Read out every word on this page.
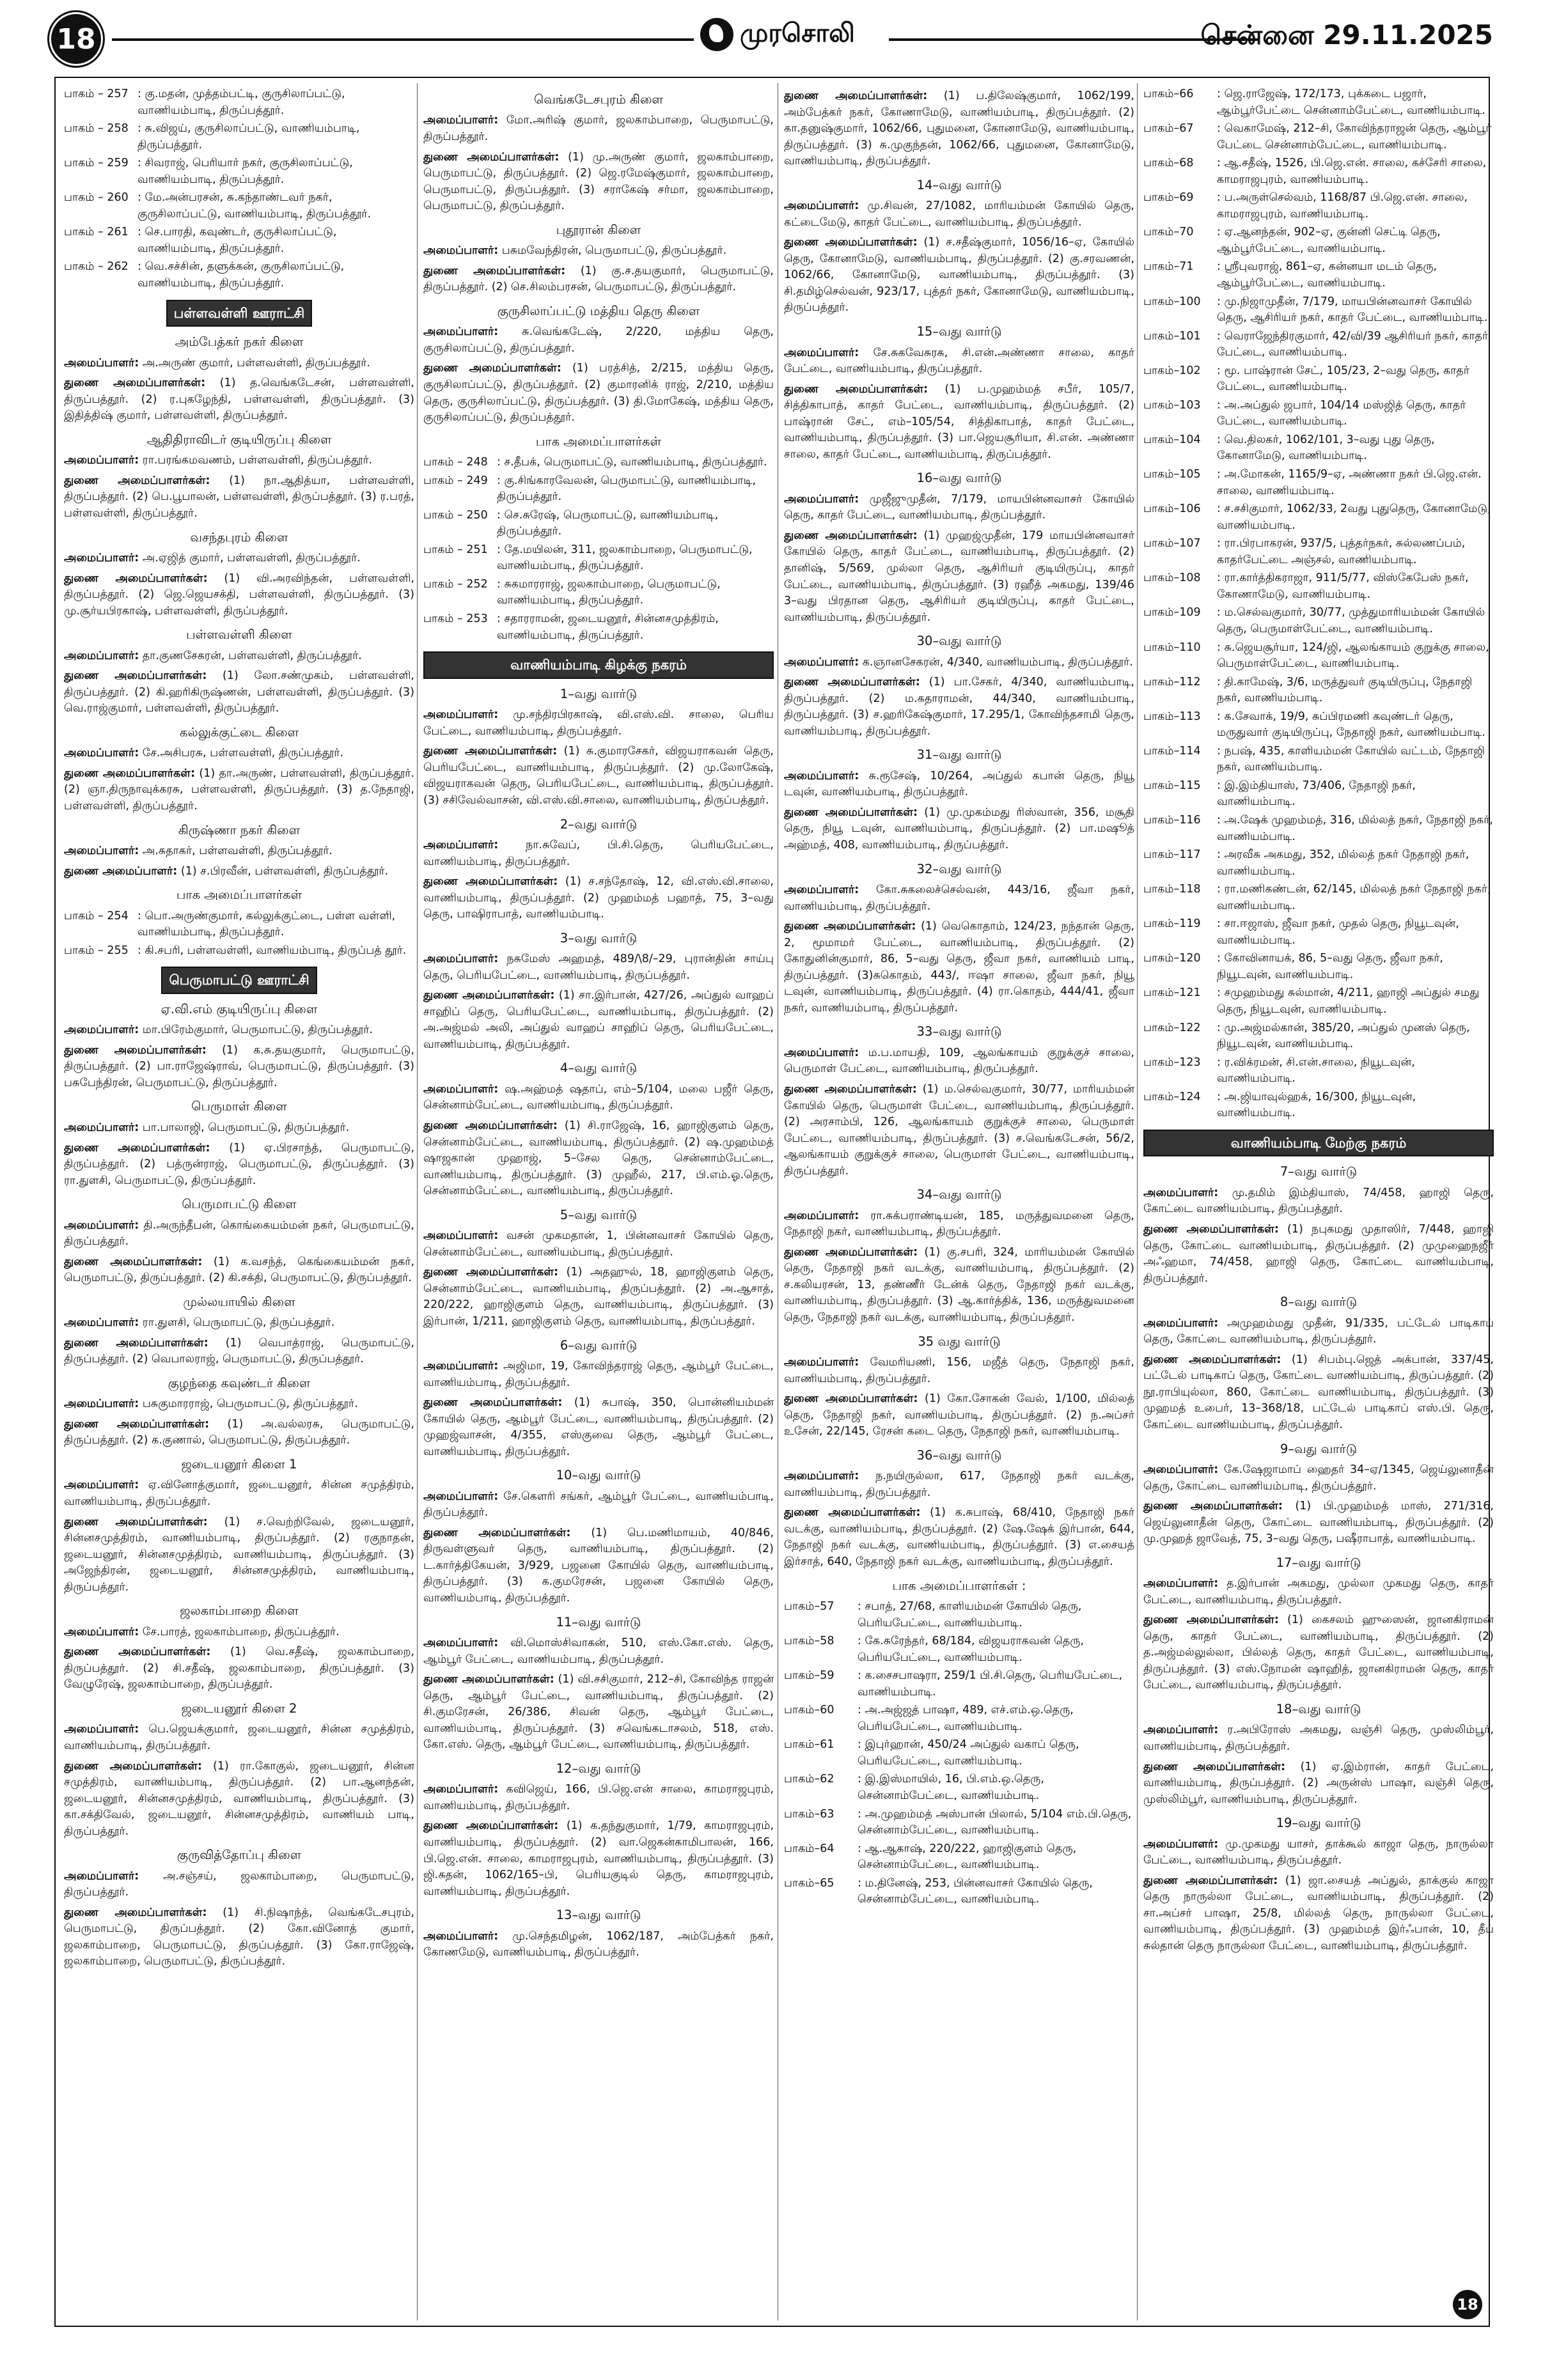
18	முரசொலி	சென்னை 29.11.2025
பாகம் – 257 : கு.மதன், முத்தம்பட்டி, குருசிலாப்பட்டு, வாணியம்பாடி, திருப்பத்தூர்.
பாகம் – 258 : சு.விஜய், குருசிலாப்பட்டு, வாணியம்பாடி, திருப்பத்தூர்.
பாகம் – 259 : சிவராஜ், பெரியார் நகர், குருசிலாப்பட்டு, வாணியம்பாடி, திருப்பத்தூர்.
பாகம் – 260 : மே.அன்பரசன், சு.கந்தாண்டவர் நகர், குருசிலாப்பட்டு, வாணியம்பாடி, திருப்பத்தூர்.
பாகம் – 261 : செ.பாரதி, கவுண்டர், குருசிலாப்பட்டு, வாணியம்பாடி, திருப்பத்தூர்.
பாகம் – 262 : வெ.சச்சின், தளுக்கன், குருசிலாப்பட்டு, வாணியம்பாடி, திருப்பத்தூர்.
பள்ளவள்ளி ஊராட்சி
அம்பேத்கர் நகர் கிளை
அமைப்பாளர்: அ.அருண் குமார், பள்ளவள்ளி, திருப்பத்தூர்.
துணை அமைப்பாளர்கள்: (1) த.வெங்கடேசன், பள்ளவள்ளி, திருப்பத்தூர். (2) ர.புகழேந்தி, பள்ளவள்ளி, திருப்பத்தூர். (3) இதித்திஷ் குமார், பள்ளவள்ளி, திருப்பத்தூர்.
ஆதிதிராவிடர் குடியிருப்பு கிளை
அமைப்பாளர்: ரா.பரங்கமவணம், பள்ளவள்ளி, திருப்பத்தூர்.
துணை அமைப்பாளர்கள்: (1) நா.ஆதித்யா, பள்ளவள்ளி, திருப்பத்தூர். (2) பெ.பூபாலன், பள்ளவள்ளி, திருப்பத்தூர். (3) ர.பரத், பள்ளவள்ளி, திருப்பத்தூர்.
வசந்தபுரம் கிளை
அமைப்பாளர்: அ.ஏஜித் குமார், பள்ளவள்ளி, திருப்பத்தூர்.
துணை அமைப்பாளர்கள்: (1) வி.அரவிந்தன், பள்ளவள்ளி, திருப்பத்தூர். (2) ஜெ.ஜெயசக்தி, பள்ளவள்ளி, திருப்பத்தூர். (3) மு.சூர்யபிரகாஷ், பள்ளவள்ளி, திருப்பத்தூர்.
பள்ளவள்ளி கிளை
அமைப்பாளர்: தா.குணசேகரன், பள்ளவள்ளி, திருப்பத்தூர்.
துணை அமைப்பாளர்கள்: (1) லோ.சண்முகம், பள்ளவள்ளி, திருப்பத்தூர். (2) கி.ஹரிகிருஷ்ணன், பள்ளவள்ளி, திருப்பத்தூர். (3) வெ.ராஜ்குமார், பள்ளவள்ளி, திருப்பத்தூர்.
கல்லுக்குட்டை கிளை
அமைப்பாளர்: சே.அசிபரசு, பள்ளவள்ளி, திருப்பத்தூர்.
துணை அமைப்பாளர்கள்: (1) தா.அருண், பள்ளவள்ளி, திருப்பத்தூர். (2) ஞா.திருநாவுக்கரசு, பள்ளவள்ளி, திருப்பத்தூர். (3) த.நேதாஜி, பள்ளவள்ளி, திருப்பத்தூர்.
கிருஷ்ணா நகர் கிளை
அமைப்பாளர்: அ.சுதாகர், பள்ளவள்ளி, திருப்பத்தூர்.
துணை அமைப்பாளர்: (1) ச.பிரவீன், பள்ளவள்ளி, திருப்பத்தூர்.
பாக அமைப்பாளர்கள்
பாகம் – 254 : பொ.அருண்குமார், கல்லுக்குட்டை, பள்ள வள்ளி, வாணியம்பாடி, திருப்பத்தூர்.
பாகம் – 255 : கி.சபரி, பள்ளவள்ளி, வாணியம்பாடி, திருப்பத் தூர்.
பெருமாபட்டு ஊராட்சி
ஏ.வி.எம் குடியிருப்பு கிளை
அமைப்பாளர்: மா.பிரேம்குமார், பெருமாபட்டு, திருப்பத்தூர்.
துணை அமைப்பாளர்கள்: (1) க.சு.தயகுமார், பெருமாபட்டு, திருப்பத்தூர். (2) பா.ராஜேஷ்ராவ், பெருமாபட்டு, திருப்பத்தூர். (3) பசுபேந்திரன், பெருமாபட்டு, திருப்பத்தூர்.
பெருமாள் கிளை
அமைப்பாளர்: பா.பாலாஜி, பெருமாபட்டு, திருப்பத்தூர்.
துணை அமைப்பாளர்கள்: (1) ஏ.பிரசாந்த், பெருமாபட்டு, திருப்பத்தூர். (2) பத்ருன்ராஜ், பெருமாபட்டு, திருப்பத்தூர். (3) ரா.துளசி, பெருமாபட்டு, திருப்பத்தூர்.
பெருமாபட்டு கிளை
அமைப்பாளர்: தி.அருந்தீபன், கொங்கையம்மன் நகர், பெருமாபட்டு, திருப்பத்தூர்.
துணை அமைப்பாளர்கள்: (1) க.வசந்த், கெங்கையம்மன் நகர், பெருமாபட்டு, திருப்பத்தூர். (2) கி.சக்தி, பெருமாபட்டு, திருப்பத்தூர்.
முல்லயாயில் கிளை
அமைப்பாளர்: ரா.துளசி, பெருமாபட்டு, திருப்பத்தூர்.
துணை அமைப்பாளர்கள்: (1) வெபாத்ராஜ், பெருமாபட்டு, திருப்பத்தூர். (2) வெபாலராஜ், பெருமாபட்டு, திருப்பத்தூர்.
குழந்தை கவுண்டர் கிளை
அமைப்பாளர்: பசுகுமாரராஜ், பெருமாபட்டு, திருப்பத்தூர்.
துணை அமைப்பாளர்கள்: (1) அ.வல்லரசு, பெருமாபட்டு, திருப்பத்தூர். (2) க.குணால், பெருமாபட்டு, திருப்பத்தூர்.
ஜடையனூர் கிளை 1
அமைப்பாளர்: ஏ.வினோத்குமார், ஜடையனூர், சின்ன சமுத்திரம், வாணியம்பாடி, திருப்பத்தூர்.
துணை அமைப்பாளர்கள்: (1) ச.வெற்றிவேல், ஜடையனூர், சின்னசமுத்திரம், வாணியம்பாடி, திருப்பத்தூர். (2) ரகுநாதன், ஜடையனூர், சின்னசமுத்திரம், வாணியம்பாடி, திருப்பத்தூர். (3) அஜேந்திரன், ஜடையனூர், சின்னசமுத்திரம், வாணியம்பாடி, திருப்பத்தூர்.
ஜலகாம்பாறை கிளை
அமைப்பாளர்: சே.பாரத், ஜலகாம்பாறை, திருப்பத்தூர்.
துணை அமைப்பாளர்கள்: (1) வெ.சதீஷ், ஜலகாம்பாறை, திருப்பத்தூர். (2) சி.சதீஷ், ஜலகாம்பாறை, திருப்பத்தூர். (3) வேழுரேஷ், ஜலகாம்பாறை, திருப்பத்தூர்.
ஜடையனூர் கிளை 2
அமைப்பாளர்: பெ.ஜெயக்குமார், ஜடையனூர், சின்ன சமுத்திரம், வாணியம்பாடி, திருப்பத்தூர்.
துணை அமைப்பாளர்கள்: (1) ரா.கோகுல், ஜடையனூர், சின்ன சமுத்திரம், வாணியம்பாடி, திருப்பத்தூர். (2) பா.ஆனந்தன், ஜடையனூர், சின்னசமுத்திரம், வாணியம்பாடி, திருப்பத்தூர். (3) கா.சக்திவேல், ஜடையனூர், சின்னசமுத்திரம், வாணியம் பாடி, திருப்பத்தூர்.
குருவித்தோப்பு கிளை
அமைப்பாளர்: அ.சஞ்சய், ஜலகாம்பாறை, பெருமாபட்டு, திருப்பத்தூர்.
துணை அமைப்பாளர்கள்: (1) சி.நிஷாந்த், வெங்கடேசபுரம், பெருமாபட்டு, திருப்பத்தூர். (2) கோ.வினோத் குமார், ஜலகாம்பாறை, பெருமாபட்டு, திருப்பத்தூர். (3) கோ.ராஜேஷ், ஜலகாம்பாறை, பெருமாபட்டு, திருப்பத்தூர்.
வெங்கடேசபுரம் கிளை
அமைப்பாளர்: மோ.அரிஷ் குமார், ஜலகாம்பாறை, பெருமாபட்டு, திருப்பத்தூர்.
துணை அமைப்பாளர்கள்: (1) மு.அருண் குமார், ஜலகாம்பாறை, பெருமாபட்டு, திருப்பத்தூர். (2) ஜெ.ரமேஷ்குமார், ஜலகாம்பாறை, பெருமாபட்டு, திருப்பத்தூர். (3) சராகேஷ் சர்மா, ஜலகாம்பாறை, பெருமாபட்டு, திருப்பத்தூர்.
புதூரான் கிளை
அமைப்பாளர்: பசுமவேந்திரன், பெருமாபட்டு, திருப்பத்தூர்.
துணை அமைப்பாளர்கள்: (1) கு.ச.தயகுமார், பெருமாபட்டு, திருப்பத்தூர். (2) செ.சிலம்பரசன், பெருமாபட்டு, திருப்பத்தூர்.
குருசிலாப்பட்டு மத்திய தெரு கிளை
அமைப்பாளர்: சு.வெங்கடேஷ், 2/220, மத்திய தெரு, குருசிலாப்பட்டு, திருப்பத்தூர்.
துணை அமைப்பாளர்கள்: (1) பரத்சித், 2/215, மத்திய தெரு, குருசிலாப்பட்டு, திருப்பத்தூர். (2) குமாரனிக் ராஜ், 2/210, மத்திய தெரு, குருசிலாப்பட்டு, திருப்பத்தூர். (3) தி.மோகேஷ், மத்திய தெரு, குருசிலாப்பட்டு, திருப்பத்தூர்.
பாக அமைப்பாளர்கள்
பாகம் – 248 : ச.தீபக், பெருமாபட்டு, வாணியம்பாடி, திருப்பத்தூர்.
பாகம் – 249 : கு.சிங்காரவேலன், பெருமாபட்டு, வாணியம்பாடி, திருப்பத்தூர்.
பாகம் – 250 : செ.சுரேஷ், பெருமாபட்டு, வாணியம்பாடி, திருப்பத்தூர்.
பாகம் – 251 : தே.மயிலன், 311, ஜலகாம்பாறை, பெருமாபட்டு, வாணியம்பாடி, திருப்பத்தூர்.
பாகம் – 252 : சுகமாரராஜ், ஜலகாம்பாறை, பெருமாபட்டு, வாணியம்பாடி, திருப்பத்தூர்.
பாகம் – 253 : சதாரராமன், ஜடையனூர், சின்னசமுத்திரம், வாணியம்பாடி, திருப்பத்தூர்.
வாணியம்பாடி கிழக்கு நகரம்
1–வது வார்டு
அமைப்பாளர்: மு.சந்திரபிரகாஷ், வி.எஸ்.வி. சாலை, பெரிய பேட்டை, வாணியம்பாடி, திருப்பத்தூர்.
துணை அமைப்பாளர்கள்: (1) சு.குமாரசேகர், விஜயராகவன் தெரு, பெரியபேட்டை, வாணியம்பாடி, திருப்பத்தூர். (2) மு.லோகேஷ், விஜயராகவன் தெரு, பெரியபேட்டை, வாணியம்பாடி, திருப்பத்தூர். (3) சசிவேல்வாசன், வி.எஸ்.வி.சாலை, வாணியம்பாடி, திருப்பத்தூர்.
2–வது வார்டு
அமைப்பாளர்: நா.சுவேப், பி.சி.தெரு, பெரியபேட்டை, வாணியம்பாடி, திருப்பத்தூர்.
துணை அமைப்பாளர்கள்: (1) ச.சந்தோஷ், 12, வி.எஸ்.வி.சாலை, வாணியம்பாடி, திருப்பத்தூர். (2) முஹம்மத் பஹாத், 75, 3–வது தெரு, பாஷிராபாத், வாணியம்பாடி.
3–வது வார்டு
அமைப்பாளர்: நசுமேஸ் அஹமத், 489/\8/–29, புரான்தின் சாய்பு தெரு, பெரியபேட்டை, வாணியம்பாடி, திருப்பத்தூர்.
துணை அமைப்பாளர்கள்: (1) சா.இர்பான், 427/26, அப்துல் வாஹப் சாஹிப் தெரு, பெரியபேட்டை, வாணியம்பாடி, திருப்பத்தூர். (2) அ.அஜ்மல் அலி, அப்துல் வாஹப் சாஹிப் தெரு, பெரியபேட்டை, வாணியம்பாடி, திருப்பத்தூர்.
4–வது வார்டு
அமைப்பாளர்: ஷ.அஹ்மத் ஷதாப், எம்–5/104, மலை பஜீர் தெரு, சென்னாம்பேட்டை, வாணியம்பாடி, திருப்பத்தூர்.
துணை அமைப்பாளர்கள்: (1) சி.ராஜேஷ், 16, ஹாஜிகுளம் தெரு, சென்னாம்பேட்டை, வாணியம்பாடி, திருப்பத்தூர். (2) ஷ.முஹம்மத் ஷாஜகான் முஹாஜ், 5–சேல தெரு, சென்னாம்பேட்டை, வாணியம்பாடி, திருப்பத்தூர். (3) முஹீல், 217, பி.எம்.ஓ.தெரு, சென்னாம்பேட்டை, வாணியம்பாடி, திருப்பத்தூர்.
5–வது வார்டு
அமைப்பாளர்: வசன் முகமதான், 1, பின்னவாசர் கோயில் தெரு, சென்னாம்பேட்டை, வாணியம்பாடி, திருப்பத்தூர்.
துணை அமைப்பாளர்கள்: (1) அதஹுல், 18, ஹாஜிகுளம் தெரு, சென்னாம்பேட்டை, வாணியம்பாடி, திருப்பத்தூர். (2) அ.ஆசாத், 220/222, ஹாஜிகுளம் தெரு, வாணியம்பாடி, திருப்பத்தூர். (3) இர்பான், 1/211, ஹாஜிகுளம் தெரு, வாணியம்பாடி, திருப்பத்தூர்.
6–வது வார்டு
அமைப்பாளர்: அஜிமா, 19, கோவிந்தராஜ் தெரு, ஆம்பூர் பேட்டை, வாணியம்பாடி, திருப்பத்தூர்.
துணை அமைப்பாளர்கள்: (1) சுபாஷ், 350, பொன்னியம்மன் கோயில் தெரு, ஆம்பூர் பேட்டை, வாணியம்பாடி, திருப்பத்தூர். (2) முஹஜ்வாசன், 4/355, எஸ்குவை தெரு, ஆம்பூர் பேட்டை, வாணியம்பாடி, திருப்பத்தூர்.
10–வது வார்டு
அமைப்பாளர்: சே.கௌரி சங்கர், ஆம்பூர் பேட்டை, வாணியம்பாடி, திருப்பத்தூர்.
துணை அமைப்பாளர்கள்: (1) பெ.மணிமாயம், 40/846, திருவள்ளுவர் தெரு, வாணியம்பாடி, திருப்பத்தூர். (2) ட.கார்த்திகேயன், 3/929, பஜனை கோயில் தெரு, வாணியம்பாடி, திருப்பத்தூர். (3) க.குமரேசன், பஜனை கோயில் தெரு, வாணியம்பாடி, திருப்பத்தூர்.
11–வது வார்டு
அமைப்பாளர்: வி.மொஸ்சிவாகன், 510, எஸ்.கோ.எஸ். தெரு, ஆம்பூர் பேட்டை, வாணியம்பாடி, திருப்பத்தூர்.
துணை அமைப்பாளர்கள்: (1) வி.சசிகுமார், 212–சி, கோவிந்த ராஜன் தெரு, ஆம்பூர் பேட்டை, வாணியம்பாடி, திருப்பத்தூர். (2) சி.குமரேசன், 26/386, சிவன் தெரு, ஆம்பூர் பேட்டை, வாணியம்பாடி, திருப்பத்தூர். (3) சவெங்கடாசலம், 518, எஸ். கோ.எஸ். தெரு, ஆம்பூர் பேட்டை, வாணியம்பாடி, திருப்பத்தூர்.
12–வது வார்டு
அமைப்பாளர்: கவிஜெய், 166, பி.ஜெ.என் சாலை, காமராஜபுரம், வாணியம்பாடி, திருப்பத்தூர்.
துணை அமைப்பாளர்கள்: (1) க.தந்துகுமார், 1/79, காமராஜபுரம், வாணியம்பாடி, திருப்பத்தூர். (2) வா.ஜெகன்காமிபாலன், 166, பி.ஜெ.என். சாலை, காமராஜபுரம், வாணியம்பாடி, திருப்பத்தூர். (3) ஜி.சுதன், 1062/165–பி, பெரியகுடில் தெரு, காமராஜபுரம், வாணியம்பாடி, திருப்பத்தூர்.
13–வது வார்டு
அமைப்பாளர்: மு.செந்தமிழன், 1062/187, அம்பேத்கர் நகர், கோணமேடு, வாணியம்பாடி, திருப்பத்தூர்.
துணை அமைப்பாளர்கள்: (1) ப.திலேஷ்குமார், 1062/199, அம்பேத்கர் நகர், கோணாமேடு, வாணியம்பாடி, திருப்பத்தூர். (2) கா.தனுஷ்குமார், 1062/66, புதுமனை, கோனாமேடு, வாணியம்பாடி, திருப்பத்தூர். (3) சு.முகுந்தன், 1062/66, புதுமனை, கோனாமேடு, வாணியம்பாடி, திருப்பத்தூர்.
14–வது வார்டு
அமைப்பாளர்: மு.சிவன், 27/1082, மாரியம்மன் கோயில் தெரு, கட்டைமேடு, காதர் பேட்டை, வாணியம்பாடி, திருப்பத்தூர்.
துணை அமைப்பாளர்கள்: (1) ச.சதீஷ்குமார், 1056/16–ஏ, கோயில் தெரு, கோனாமேடு, வாணியம்பாடி, திருப்பத்தூர். (2) கு.சரவணன், 1062/66, கோனாமேடு, வாணியம்பாடி, திருப்பத்தூர். (3) சி.தமிழ்செல்வன், 923/17, புத்தர் நகர், கோனாமேடு, வாணியம்பாடி, திருப்பத்தூர்.
15–வது வார்டு
அமைப்பாளர்: சே.சுகவேசுரசு, சி.என்.அண்ணா சாலை, காதர் பேட்டை, வாணியம்பாடி, திருப்பத்தூர்.
துணை அமைப்பாளர்கள்: (1) ப.முஹம்மத் சபீர், 105/7, சித்திகாபாத், காதர் பேட்டை, வாணியம்பாடி, திருப்பத்தூர். (2) பாஷ்ரான் சேட், எம்–105/54, சித்திகாபாத், காதர் பேட்டை, வாணியம்பாடி, திருப்பத்தூர். (3) பா.ஜெயசூரியா, சி.என். அண்ணா சாலை, காதர் பேட்டை, வாணியம்பாடி, திருப்பத்தூர்.
16–வது வார்டு
அமைப்பாளர்: முஜீஜுமுதீன், 7/179, மாயபின்னவாசர் கோயில் தெரு, காதர் பேட்டை, வாணியம்பாடி, திருப்பத்தூர்.
துணை அமைப்பாளர்கள்: (1) முஹஜ்முதீன், 179 மாயபின்னவாசர் கோயில் தெரு, காதர் பேட்டை, வாணியம்பாடி, திருப்பத்தூர். (2) தானிஷ், 5/569, முல்லா தெரு, ஆசிரியர் குடியிருப்பு, காதர் பேட்டை, வாணியம்பாடி, திருப்பத்தூர். (3) ரஹீத் அகமது, 139/46 3–வது பிரதான தெரு, ஆசிரியர் குடியிருப்பு, காதர் பேட்டை, வாணியம்பாடி, திருப்பத்தூர்.
30–வது வார்டு
அமைப்பாளர்: க.ஞானசேகரன், 4/340, வாணியம்பாடி, திருப்பத்தூர்.
துணை அமைப்பாளர்கள்: (1) பா.சேகர், 4/340, வாணியம்பாடி, திருப்பத்தூர். (2) ம.கதாராமன், 44/340, வாணியம்பாடி, திருப்பத்தூர். (3) ச.ஹரிகேஷ்குமார், 17.295/1, கோவிந்தசாமி தெரு, வாணியம்பாடி, திருப்பத்தூர்.
31–வது வார்டு
அமைப்பாளர்: சு.ரூசேஷ், 10/264, அப்துல் கபான் தெரு, நியூ டவுன், வாணியம்பாடி, திருப்பத்தூர்.
துணை அமைப்பாளர்கள்: (1) மு.முகம்மது ரிஸ்வான், 356, மசூதி தெரு, நியூ டவுன், வாணியம்பாடி, திருப்பத்தூர். (2) பா.மஷூத் அஹ்மத், 408, வாணியம்பாடி, திருப்பத்தூர்.
32–வது வார்டு
அமைப்பாளர்: கோ.சுகலைச்செல்வன், 443/16, ஜீவா நகர், வாணியம்பாடி, திருப்பத்தூர்.
துணை அமைப்பாளர்கள்: (1) வெகொதாம், 124/23, நந்தான் தெரு, 2, மூமாமா் பேட்டை, வாணியம்பாடி, திருப்பத்தூர். (2) கோதுனின்குமார், 86, 5–வது தெரு, ஜீவா நகர், வாணியம் பாடி, திருப்பத்தூர். (3)சுகொதம், 443/, ஈஷா சாலை, ஜீவா நகர், நியூ டவுன், வாணியம்பாடி, திருப்பத்தூர். (4) ரா.கொதம், 444/41, ஜீவா நகர், வாணியம்பாடி, திருப்பத்தூர்.
33–வது வார்டு
அமைப்பாளர்: ம.ப.மாயதி, 109, ஆலங்காயம் குறுக்குச் சாலை, பெருமாள் பேட்டை, வாணியம்பாடி, திருப்பத்தூர்.
துணை அமைப்பாளர்கள்: (1) ம.செல்வகுமார், 30/77, மாரியம்மன் கோயில் தெரு, பெருமாள் பேட்டை, வாணியம்பாடி, திருப்பத்தூர். (2) அரசாம்பி, 126, ஆலங்காயம் குறுக்குச் சாலை, பெருமாள் பேட்டை, வாணியம்பாடி, திருப்பத்தூர். (3) ச.வெங்கடேசன், 56/2, ஆலங்காயம் குறுக்குச் சாலை, பெருமாள் பேட்டை, வாணியம்பாடி, திருப்பத்தூர்.
34–வது வார்டு
அமைப்பாளர்: ரா.சுக்பராண்டியன், 185, மருத்துவமனை தெரு, நேதாஜி நகர், வாணியம்பாடி, திருப்பத்தூர்.
துணை அமைப்பாளர்கள்: (1) கு.சபரி, 324, மாரியம்மன் கோயில் தெரு, நேதாஜி நகர் வடக்கு, வாணியம்பாடி, திருப்பத்தூர். (2) ச.கலியரசன், 13, தண்ணீர் டேன்க் தெரு, நேதாஜி நகர் வடக்கு, வாணியம்பாடி, திருப்பத்தூர். (3) ஆ.கார்த்திக், 136, மருத்துவமனை தெரு, நேதாஜி நகர் வடக்கு, வாணியம்பாடி, திருப்பத்தூர்.
35 வது வார்டு
அமைப்பாளர்: வேமரியணி, 156, மஜீத் தெரு, நேதாஜி நகர், வாணியம்பாடி, திருப்பத்தூர்.
துணை அமைப்பாளர்கள்: (1) கோ.சோகன் வேல், 1/100, மில்லத் தெரு, நேதாஜி நகர், வாணியம்பாடி, திருப்பத்தூர். (2) ந.அப்சர் உசேன், 22/145, ரேசன் கடை தெரு, நேதாஜி நகர், வாணியம்பாடி.
36–வது வார்டு
அமைப்பாளர்: ந.நயிருல்லா, 617, நேதாஜி நகர் வடக்கு, வாணியம்பாடி, திருப்பத்தூர்.
துணை அமைப்பாளர்கள்: (1) க.சுபாஷ், 68/410, நேதாஜி நகர் வடக்கு, வாணியம்பாடி, திருப்பத்தூர். (2) ஷே.ஷேக் இர்பான், 644, நேதாஜி நகர் வடக்கு, வாணியம்பாடி, திருப்பத்தூர். (3) எ.சையத் இர்சாத், 640, நேதாஜி நகர் வடக்கு, வாணியம்பாடி, திருப்பத்தூர்.
பாக அமைப்பாளர்கள் :
பாகம்–57	: சபாத், 27/68, காளியம்மன் கோயில் தெரு, பெரியபேட்டை, வாணியம்பாடி.
பாகம்–58	: கே.சுரேந்தர், 68/184, விஜயராகவன் தெரு, பெரியபேட்டை, வாணியம்பாடி.
பாகம்–59	: க.சைசபாஷரா, 259/1 பி.சி.தெரு, பெரியபேட்டை, வாணியம்பாடி.
பாகம்–60	: அ.அஜ்ஜத் பாஷா, 489, எச்.எம்.ஒ.தெரு, பெரியபேட்டை, வாணியம்பாடி.
பாகம்–61	: இபுர்ஹான், 450/24 அப்துல் வகாப் தெரு, பெரியபேட்டை, வாணியம்பாடி.
பாகம்–62	: இ.இஸ்மாயில், 16, பி.எம்.ஒ.தெரு, சென்னாம்பேட்டை, வாணியம்பாடி.
பாகம்–63	: அ.முஹம்மத் அஸ்பான் பிலால், 5/104 எம்.பி.தெரு, சென்னாம்பேட்டை, வாணியம்பாடி.
பாகம்–64	: ஆ.ஆகாஷ், 220/222, ஹாஜிகுளம் தெரு, சென்னாம்பேட்டை, வாணியம்பாடி.
பாகம்–65	: ம.தினேஷ், 253, பின்னவாசர் கோயில் தெரு, சென்னாம்பேட்டை, வாணியம்பாடி.
பாகம்–66	: ஜெ.ராஜேஷ், 172/173, புக்கடை பஜார், ஆம்பூர்பேட்டை சென்னாம்பேட்டை, வாணியம்பாடி.
பாகம்–67	: வெகாமேஷ், 212–சி, கோவிந்தராஜன் தெரு, ஆம்பூர் பேட்டை சென்னாம்பேட்டை, வாணியம்பாடி.
பாகம்–68	: ஆ.சதீஷ், 1526, பி.ஜெ.என். சாலை, கச்சேரி சாலை, காமராஜபுரம், வாணியம்பாடி.
பாகம்–69	: ப.அருள்செல்வம், 1168/87 பி.ஜெ.என். சாலை, காமராஜபுரம், வாணியம்பாடி.
பாகம்–70	: ஏ.ஆனந்தன், 902–ஏ, குன்னி செட்டி தெரு, ஆம்பூர்பேட்டை, வாணியம்பாடி.
பாகம்–71	: ஸ்ரீபுவராஜ், 861–ஏ, கன்னயா மடம் தெரு, ஆம்பூர்பேட்டை, வாணியம்பாடி.
பாகம்–100	: மு.நிஜாமுதீன், 7/179, மாயபின்னவாசர் கோயில் தெரு, ஆசிரியர் நகர், காதர் பேட்டை, வாணியம்பாடி.
பாகம்–101	: வெராஜேந்திரகுமார், 42/வி/39 ஆசிரியர் நகர், காதர் பேட்டை, வாணியம்பாடி.
பாகம்–102	: மூ. பாஷ்ரான் சேட், 105/23, 2–வது தெரு, காதர் பேட்டை, வாணியம்பாடி.
பாகம்–103	: அ.அப்துல் ஜபார், 104/14 மஸ்ஜித் தெரு, காதர் பேட்டை, வாணியம்பாடி.
பாகம்–104	: வெ.திலகர், 1062/101, 3–வது புது தெரு, கோனாமேடு, வாணியம்பாடி.
பாகம்–105	: அ.மோகன், 1165/9–ஏ, அண்ணா நகர் பி.ஜெ.என். சாலை, வாணியம்பாடி.
பாகம்–106	: ச.சசிகுமார், 1062/33, 2வது புதுதெரு, கோனாமேடு, வாணியம்பாடி.
பாகம்–107	: ரா.பிரபாகரன், 937/5, புத்தர்நகர், சுல்லணப்பம், காதர்பேட்டை அஞ்சல், வாணியம்பாடி.
பாகம்–108	: ரா.கார்த்திகராஜா, 911/5/77, விஸ்கேபேஸ் நகர், கோணாமேடு, வாணியம்பாடி.
பாகம்–109	: ம.செல்வகுமார், 30/77, முத்துமாரியம்மன் கோயில் தெரு, பெருமாள்பேட்டை, வாணியம்பாடி.
பாகம்–110	: சு.ஜெயசூர்யா, 124/ஜி, ஆலங்காயம் குறுக்கு சாலை, பெருமாள்பேட்டை, வாணியம்பாடி.
பாகம்–112	: தி.காமேஷ், 3/6, மருத்துவர் குடியிருப்பு, நேதாஜி நகர், வாணியம்பாடி.
பாகம்–113	: க.சேவாக், 19/9, சுப்பிரமணி கவுண்டர் தெரு, மருதுவார் குடியிருப்பு, நேதாஜி நகர், வாணியம்பாடி.
பாகம்–114	: நபஷ், 435, காளியம்மன் கோயில் வட்டம், நேதாஜி நகர், வாணியம்பாடி.
பாகம்–115	: இ.இம்தியாஸ், 73/406, நேதாஜி நகர், வாணியம்பாடி.
பாகம்–116	: அ.ஷேக் முஹம்மத், 316, மில்லத் நகர், நேதாஜி நகர், வாணியம்பாடி.
பாகம்–117	: அரவீசு அகமது, 352, மில்லத் நகர் நேதாஜி நகர், வாணியம்பாடி.
பாகம்–118	: ரா.மணிகண்டன், 62/145, மில்லத் நகர் நேதாஜி நகர், வாணியம்பாடி.
பாகம்–119	: சா.ஈஜாஸ், ஜீவா நகர், முதல் தெரு, நியூடவுன், வாணியம்பாடி.
பாகம்–120	: கோவினாயக், 86, 5–வது தெரு, ஜீவா நகர், நியூடவுன், வாணியம்பாடி.
பாகம்–121	: சமுஹம்மது சுல்மான், 4/211, ஹாஜி அப்துல் சமது தெரு, நியூடவுன், வாணியம்பாடி.
பாகம்–122	: மு.அஜ்மல்கான், 385/20, அப்துல் முனஸ் தெரு, நியூடவுன், வாணியம்பாடி.
பாகம்–123	: ர.விக்ரமன், சி.என்.சாலை, நியூடவுன், வாணியம்பாடி.
பாகம்–124	: அ.ஜியாவுல்ஹக், 16/300, நியூடவுன், வாணியம்பாடி.
வாணியம்பாடி மேற்கு நகரம்
7–வது வார்டு
அமைப்பாளர்: மு.தமிம் இம்தியாஸ், 74/458, ஹாஜி தெரு, கோட்டை வாணியம்பாடி, திருப்பத்தூர்.
துணை அமைப்பாளர்கள்: (1) நபுகமது முதாஸிர், 7/448, ஹாஜி தெரு, கோட்டை வாணியம்பாடி, திருப்பத்தூர். (2) முமுஹைநஜீர் அஃஹமா, 74/458, ஹாஜி தெரு, கோட்டை வாணியம்பாடி, திருப்பத்தூர்.
8–வது வார்டு
அமைப்பாளர்: அமுஹம்மது முதீன், 91/335, பட்டேல் பாடிகாப் தெரு, கோட்டை வாணியம்பாடி, திருப்பத்தூர்.
துணை அமைப்பாளர்கள்: (1) சிபம்பு.ஜெத் அக்பான், 337/45, பட்டேல் பாடிகாப் தெரு, கோட்டை வாணியம்பாடி, திருப்பத்தூர். (2) நூ.ராபியுல்லா, 860, கோட்டை வாணியம்பாடி, திருப்பத்தூர். (3) முஹமத் உபைர், 13–368/18, பட்டேல் பாடிகாப் எஸ்.பி. தெரு, கோட்டை வாணியம்பாடி, திருப்பத்தூர்.
9–வது வார்டு
அமைப்பாளர்: கே.ஷேஜாமாப் ஹைதர் 34–ஏ/1345, ஜெய்லுனாதீன் தெரு, கோட்டை வாணியம்பாடி, திருப்பத்தூர்.
துணை அமைப்பாளர்கள்: (1) பி.முஹம்மத் மாஸ், 271/316, ஜெய்லுனாதீன் தெரு, கோட்டை வாணியம்பாடி, திருப்பத்தூர். (2) மு.முஹத் ஜாவேத், 75, 3–வது தெரு, பஷீராபாத், வாணியம்பாடி.
17–வது வார்டு
அமைப்பாளர்: த.இர்பான் அகமது, முல்லா முகமது தெரு, காதர் பேட்டை, வாணியம்பாடி, திருப்பத்தூர்.
துணை அமைப்பாளர்கள்: (1) கைசலம் ஹுஸைன், ஜானகிராமன் தெரு, காதர் பேட்டை, வாணியம்பாடி, திருப்பத்தூர். (2) த.அஜ்மல்லுல்லா, பில்லத் தெரு, காதர் பேட்டை, வாணியம்பாடி, திருப்பத்தூர். (3) எஸ்.நோமன் ஷாஹித், ஜானகிராமன் தெரு, காதர் பேட்டை, வாணியம்பாடி, திருப்பத்தூர்.
18–வது வார்டு
அமைப்பாளர்: ர.அபிரோஸ் அகமது, வஞ்சி தெரு, முஸ்லிம்பூர், வாணியம்பாடி, திருப்பத்தூர்.
துணை அமைப்பாளர்கள்: (1) ஏ.இம்ரான், காதர் பேட்டை, வாணியம்பாடி, திருப்பத்தூர். (2) அருன்ஸ் பாஷா, வஞ்சி தெரு, முஸ்லிம்பூர், வாணியம்பாடி, திருப்பத்தூர்.
19–வது வார்டு
அமைப்பாளர்: மு.முகமது யாசர், தாக்கூல் காஜா தெரு, நாருல்லா பேட்டை, வாணியம்பாடி, திருப்பத்தூர்.
துணை அமைப்பாளர்கள்: (1) ஜா.சையத் அப்துல், தாக்குல் காஜா தெரு நாருல்லா பேட்டை, வாணியம்பாடி, திருப்பத்தூர். (2) சா.அப்சர் பாஷா, 25/8, மில்லத் தெரு, நாருல்லா பேட்டை, வாணியம்பாடி, திருப்பத்தூர். (3) முஹம்மத் இர்ஃபான், 10, தீப் சுல்தான் தெரு நாருல்லா பேட்டை, வாணியம்பாடி, திருப்பத்தூர்.
18
